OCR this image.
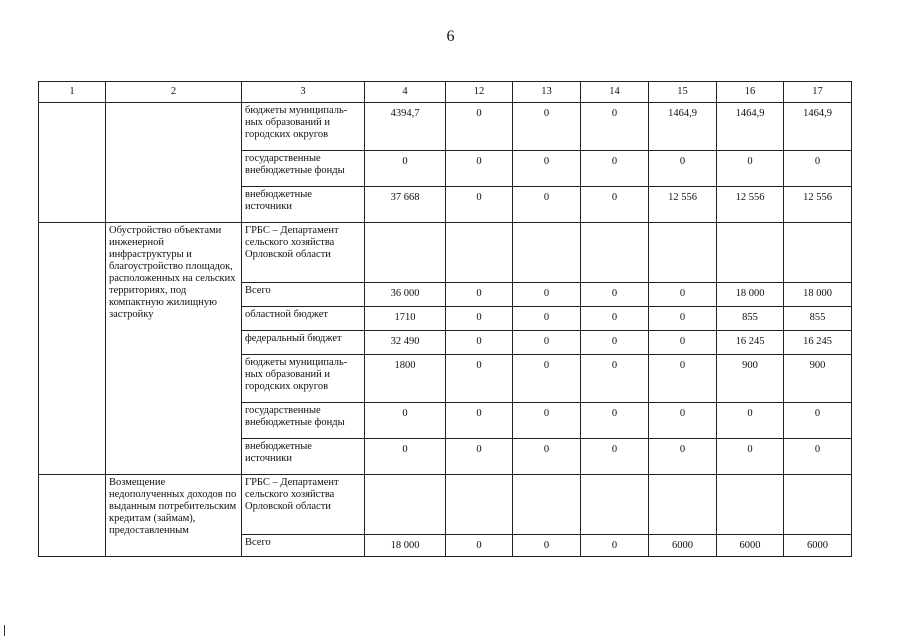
6
1	2	3	4	12	13	14	15	16	17
		бюджеты муниципаль-ных образований и городских округов	4394,7	0	0	0	1464,9	1464,9	1464,9
		государственные внебюджетные фонды	0	0	0	0	0	0	0
		внебюджетные источники	37 668	0	0	0	12 556	12 556	12 556
	Обустройство объектами инженерной инфраструктуры и благоустройство площадок, расположенных на сельских территориях, под компактную жилищную застройку	ГРБС – Департамент сельского хозяйства Орловской области							
		Всего	36 000	0	0	0	0	18 000	18 000
		областной бюджет	1710	0	0	0	0	855	855
		федеральный бюджет	32 490	0	0	0	0	16 245	16 245
		бюджеты муниципаль-ных образований и городских округов	1800	0	0	0	0	900	900
		государственные внебюджетные фонды	0	0	0	0	0	0	0
		внебюджетные источники	0	0	0	0	0	0	0
	Возмещение недополученных доходов по выданным потребительским кредитам (займам), предоставленным	ГРБС – Департамент сельского хозяйства Орловской области							
		Всего	18 000	0	0	0	6000	6000	6000
